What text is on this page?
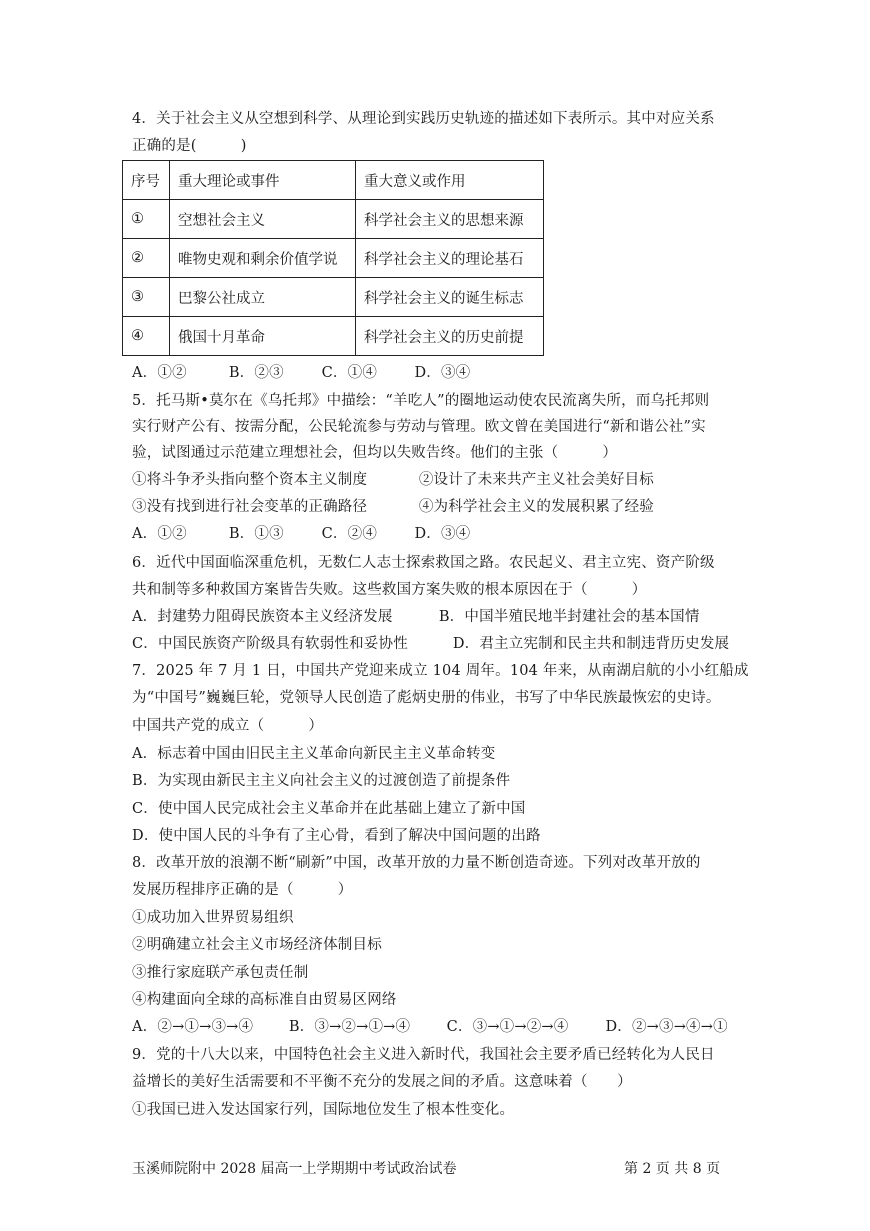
4．关于社会主义从空想到科学、从理论到实践历史轨迹的描述如下表所示。其中对应关系
正确的是(　　　)
序号	重大理论或事件	重大意义或作用
①	空想社会主义	科学社会主义的思想来源
②	唯物史观和剩余价值学说	科学社会主义的理论基石
③	巴黎公社成立	科学社会主义的诞生标志
④	俄国十月革命	科学社会主义的历史前提
A．①②	B．②③	C．①④	D．③④
5．托马斯•莫尔在《乌托邦》中描绘：“羊吃人”的圈地运动使农民流离失所，而乌托邦则
实行财产公有、按需分配，公民轮流参与劳动与管理。欧文曾在美国进行“新和谐公社”实
验，试图通过示范建立理想社会，但均以失败告终。他们的主张（　　　）
①将斗争矛头指向整个资本主义制度	②设计了未来共产主义社会美好目标
③没有找到进行社会变革的正确路径	④为科学社会主义的发展积累了经验
A．①②	B．①③	C．②④	D．③④
6．近代中国面临深重危机，无数仁人志士探索救国之路。农民起义、君主立宪、资产阶级
共和制等多种救国方案皆告失败。这些救国方案失败的根本原因在于（　　　）
A．封建势力阻碍民族资本主义经济发展	B．中国半殖民地半封建社会的基本国情
C．中国民族资产阶级具有软弱性和妥协性	D．君主立宪制和民主共和制违背历史发展
7．2025 年 7 月 1 日，中国共产党迎来成立 104 周年。104 年来，从南湖启航的小小红船成
为“中国号”巍巍巨轮，党领导人民创造了彪炳史册的伟业，书写了中华民族最恢宏的史诗。
中国共产党的成立（　　　）
A．标志着中国由旧民主主义革命向新民主主义革命转变
B．为实现由新民主主义向社会主义的过渡创造了前提条件
C．使中国人民完成社会主义革命并在此基础上建立了新中国
D．使中国人民的斗争有了主心骨，看到了解决中国问题的出路
8．改革开放的浪潮不断“刷新”中国，改革开放的力量不断创造奇迹。下列对改革开放的
发展历程排序正确的是（　　　）
①成功加入世界贸易组织
②明确建立社会主义市场经济体制目标
③推行家庭联产承包责任制
④构建面向全球的高标准自由贸易区网络
A．②→①→③→④ B．③→②→①→④	C．③→①→②→④	D．②→③→④→①
9．党的十八大以来，中国特色社会主义进入新时代，我国社会主要矛盾已经转化为人民日
益增长的美好生活需要和不平衡不充分的发展之间的矛盾。这意味着（　　）
①我国已进入发达国家行列，国际地位发生了根本性变化。
玉溪师院附中 2028 届高一上学期期中考试政治试卷	第 2 页 共 8 页
